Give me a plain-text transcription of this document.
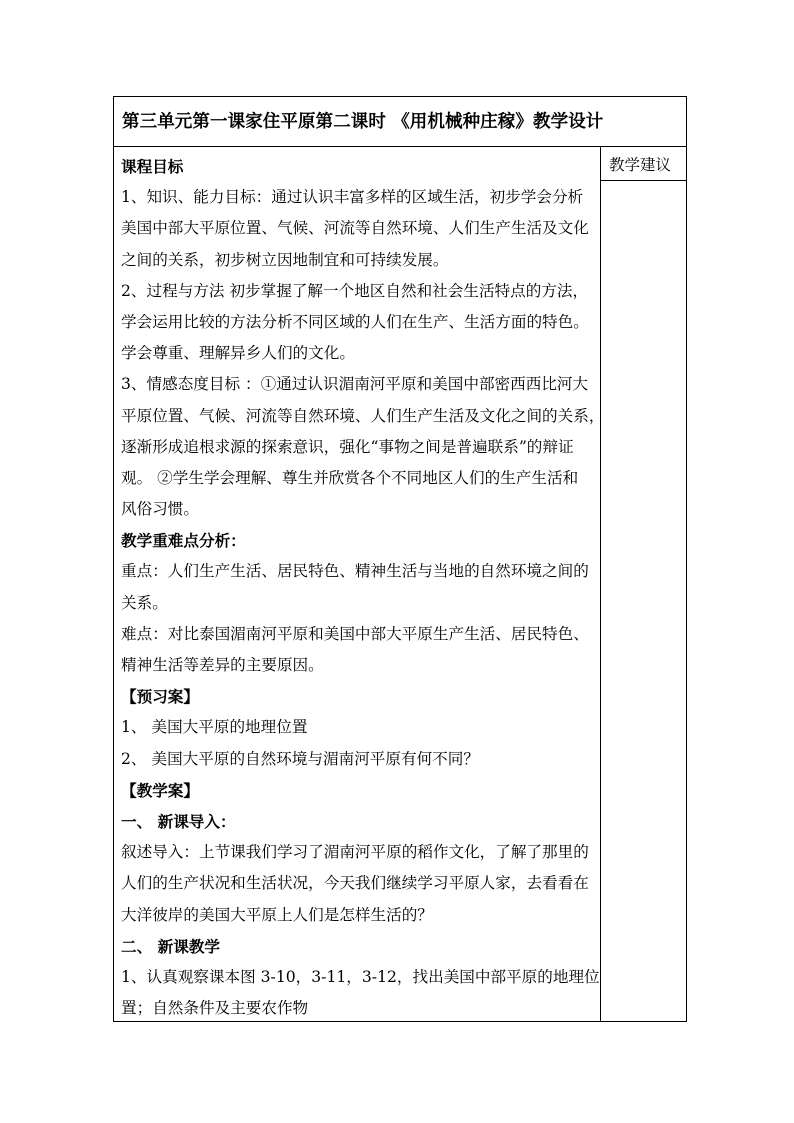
第三单元第一课家住平原第二课时 《用机械种庄稼》教学设计
课程目标
1、知识、能力目标：通过认识丰富多样的区域生活，初步学会分析
美国中部大平原位置、气候、河流等自然环境、人们生产生活及文化
之间的关系，初步树立因地制宜和可持续发展。
2、过程与方法 初步掌握了解一个地区自然和社会生活特点的方法，
学会运用比较的方法分析不同区域的人们在生产、生活方面的特色。
学会尊重、理解异乡人们的文化。
3、情感态度目标 ：①通过认识湄南河平原和美国中部密西西比河大
平原位置、气候、河流等自然环境、人们生产生活及文化之间的关系，
逐渐形成追根求源的探索意识，强化“事物之间是普遍联系”的辩证
观。 ②学生学会理解、尊生并欣赏各个不同地区人们的生产生活和
风俗习惯。
教学重难点分析：
重点：人们生产生活、居民特色、精神生活与当地的自然环境之间的
关系。
难点：对比泰国湄南河平原和美国中部大平原生产生活、居民特色、
精神生活等差异的主要原因。
【预习案】
1、 美国大平原的地理位置
2、 美国大平原的自然环境与湄南河平原有何不同？
【教学案】
一、 新课导入：
叙述导入：上节课我们学习了湄南河平原的稻作文化，了解了那里的
人们的生产状况和生活状况，今天我们继续学习平原人家，去看看在
大洋彼岸的美国大平原上人们是怎样生活的？
二、 新课教学
1、认真观察课本图 3-10，3-11，3-12，找出美国中部平原的地理位
置；自然条件及主要农作物
教学建议
